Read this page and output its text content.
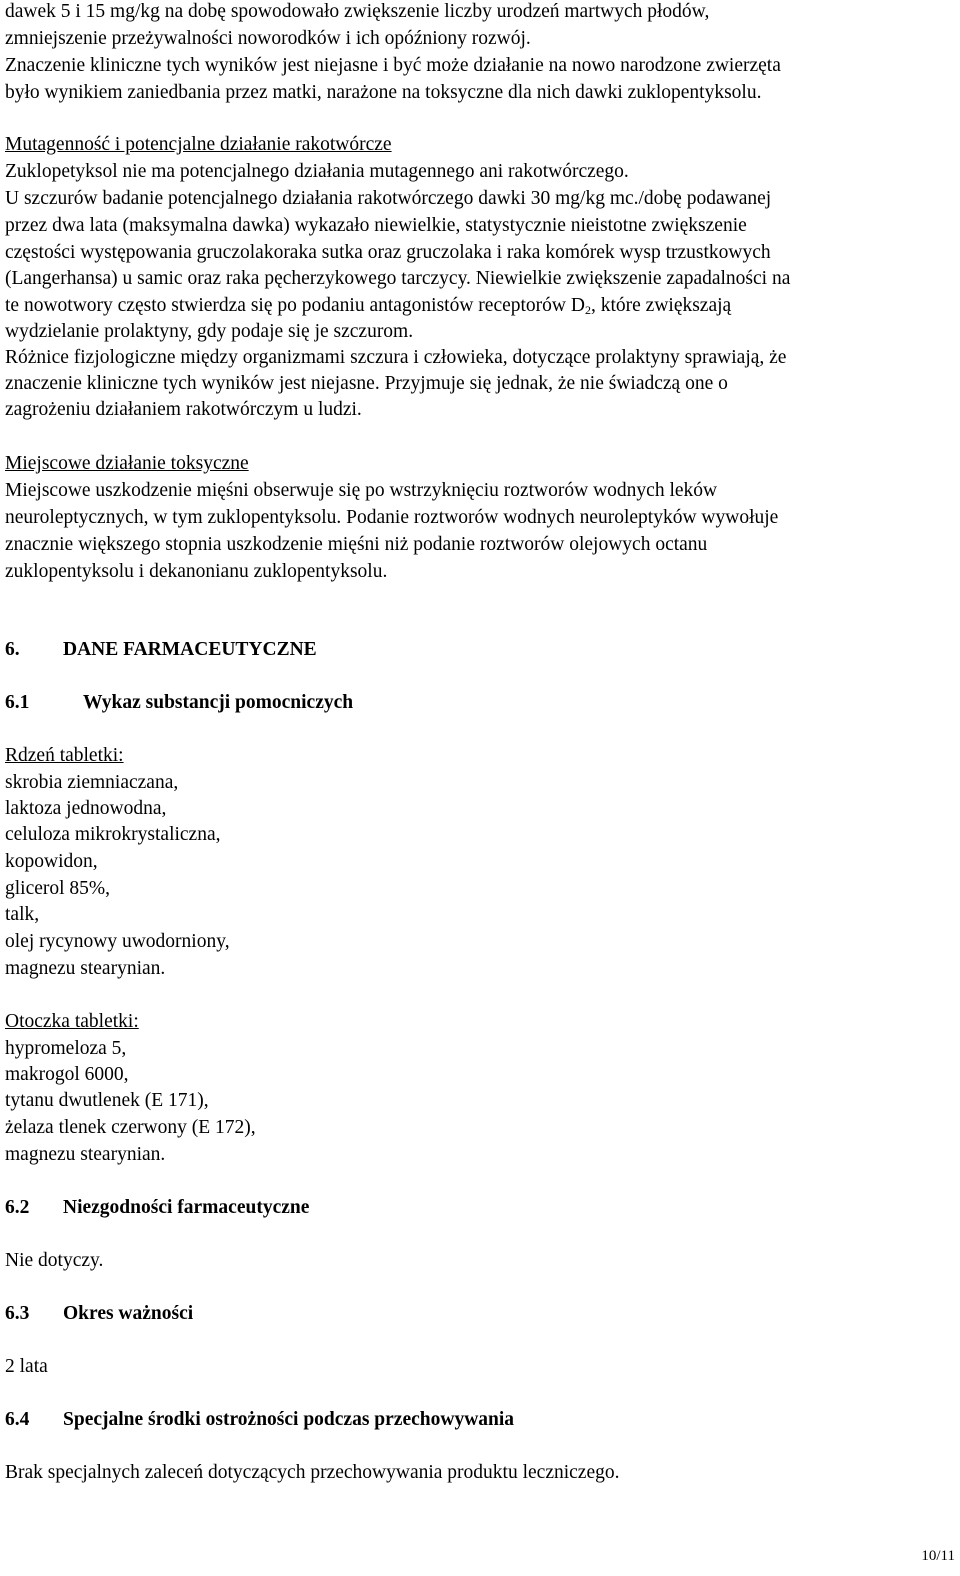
dawek 5 i 15 mg/kg na dobę spowodowało zwiększenie liczby urodzeń martwych płodów,
zmniejszenie przeżywalności noworodków i ich opóźniony rozwój.
Znaczenie kliniczne tych wyników jest niejasne i być może działanie na nowo narodzone zwierzęta
było wynikiem zaniedbania przez matki, narażone na toksyczne dla nich dawki zuklopentyksolu.
Mutagenność i potencjalne działanie rakotwórcze
Zuklopetyksol nie ma potencjalnego działania mutagennego ani rakotwórczego.
U szczurów badanie potencjalnego działania rakotwórczego dawki 30 mg/kg mc./dobę podawanej
przez dwa lata (maksymalna dawka) wykazało niewielkie, statystycznie nieistotne zwiększenie
częstości występowania gruczolakoraka sutka oraz gruczolaka i raka komórek wysp trzustkowych
(Langerhansa) u samic oraz raka pęcherzykowego tarczycy. Niewielkie zwiększenie zapadalności na
te nowotwory często stwierdza się po podaniu antagonistów receptorów $D_2$, które zwiększają
wydzielanie prolaktyny, gdy podaje się je szczurom.
Różnice fizjologiczne między organizmami szczura i człowieka, dotyczące prolaktyny sprawiają, że
znaczenie kliniczne tych wyników jest niejasne. Przyjmuje się jednak, że nie świadczą one o
zagrożeniu działaniem rakotwórczym u ludzi.
Miejscowe działanie toksyczne
Miejscowe uszkodzenie mięśni obserwuje się po wstrzyknięciu roztworów wodnych leków
neuroleptycznych, w tym zuklopentyksolu. Podanie roztworów wodnych neuroleptyków wywołuje
znacznie większego stopnia uszkodzenie mięśni niż podanie roztworów olejowych octanu
zuklopentyksolu i dekanonianu zuklopentyksolu.
6. DANE FARMACEUTYCZNE
6.1	Wykaz substancji pomocniczych
Rdzeń tabletki:
skrobia ziemniaczana,
laktoza jednowodna,
celuloza mikrokrystaliczna,
kopowidon,
glicerol 85%,
talk,
olej rycynowy uwodorniony,
magnezu stearynian.
Otoczka tabletki:
hypromeloza 5,
makrogol 6000,
tytanu dwutlenek (E 171),
żelaza tlenek czerwony (E 172),
magnezu stearynian.
6.2 Niezgodności farmaceutyczne
Nie dotyczy.
6.3 Okres ważności
2 lata
6.4 Specjalne środki ostrożności podczas przechowywania
Brak specjalnych zaleceń dotyczących przechowywania produktu leczniczego.
10/11
